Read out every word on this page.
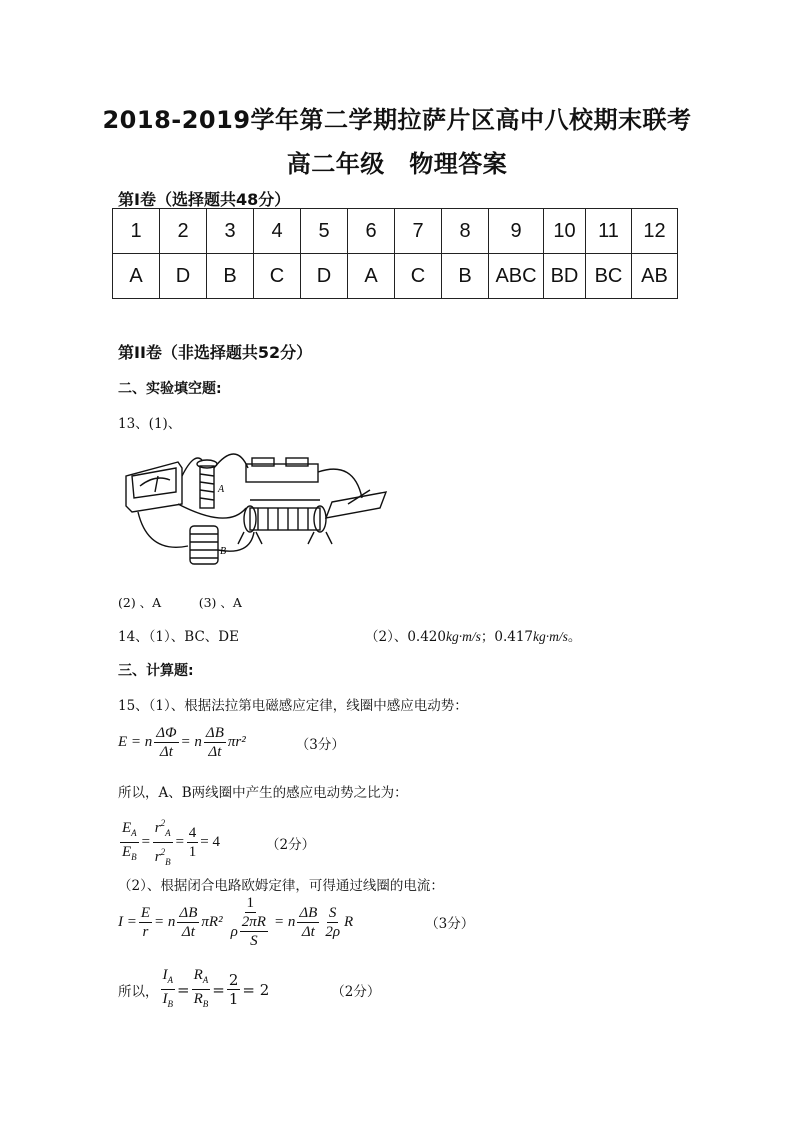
2018-2019学年第二学期拉萨片区高中八校期末联考
高二年级　物理答案
第Ⅰ卷（选择题共48分）
1	2	3	4	5	6	7	8	9	10	11	12
A	D	B	C	D	A	C	B	ABC	BD	BC	AB
第II卷（非选择题共52分）
二、实验填空题:
13、(1)、
A
B
(2) 、A　　　(3) 、A
14、（1）、BC、DE	（2）、0.420kg·m/s；0.417kg·m/s。
三、计算题:
15、（1）、根据法拉第电磁感应定律，线圈中感应电动势：
E = n $\frac{\Delta\Phi}{\Delta t} = n \frac{\Delta B}{\Delta t} \pi r^2$	（3分）
所以，A、B两线圈中产生的感应电动势之比为：
$\frac{E_A}{E_B} = \frac{r^2_A}{r^2_B} = \frac{4}{1} = 4$	（2分）
（2）、根据闭合电路欧姆定律，可得通过线圈的电流：
$I = \frac{E}{r} = n \frac{\Delta B}{\Delta t} \pi R^2 \frac{1}{\rho \frac{2\pi R}{S}} = n \frac{\Delta B}{\Delta t} \frac{S}{2\rho}$ R	（3分）
所以， $\frac{I_A}{I_B} = \frac{R_A}{R_B} = \frac{2}{1} = 2$	（2分）
